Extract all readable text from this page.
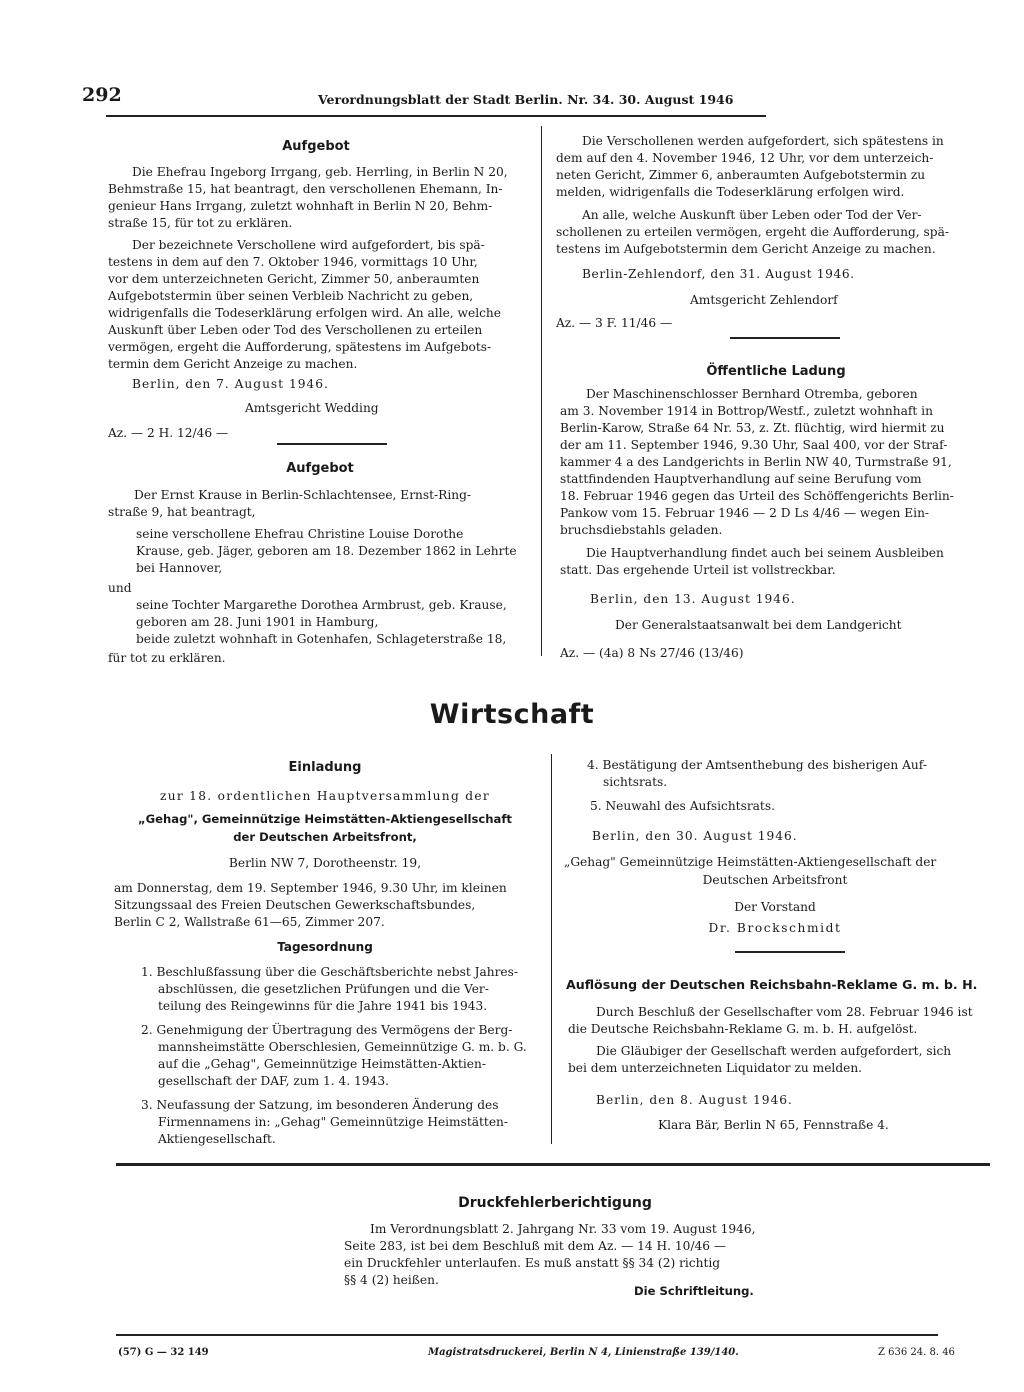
292	Verordnungsblatt der Stadt Berlin. Nr. 34. 30. August 1946
Aufgebot
Die Ehefrau Ingeborg Irrgang, geb. Herrling, in Berlin N 20,
Behmstraße 15, hat beantragt, den verschollenen Ehemann, In-
genieur Hans Irrgang, zuletzt wohnhaft in Berlin N 20, Behm-
straße 15, für tot zu erklären.
Der bezeichnete Verschollene wird aufgefordert, bis spä-
testens in dem auf den 7. Oktober 1946, vormittags 10 Uhr,
vor dem unterzeichneten Gericht, Zimmer 50, anberaumten
Aufgebotstermin über seinen Verbleib Nachricht zu geben,
widrigenfalls die Todeserklärung erfolgen wird. An alle, welche
Auskunft über Leben oder Tod des Verschollenen zu erteilen
vermögen, ergeht die Aufforderung, spätestens im Aufgebots-
termin dem Gericht Anzeige zu machen.
Berlin, den 7. August 1946.
Amtsgericht Wedding
Az. — 2 H. 12/46 —
Aufgebot
Der Ernst Krause in Berlin-Schlachtensee, Ernst-Ring-
straße 9, hat beantragt,
seine verschollene Ehefrau Christine Louise Dorothe
Krause, geb. Jäger, geboren am 18. Dezember 1862 in Lehrte
bei Hannover,
und
seine Tochter Margarethe Dorothea Armbrust, geb. Krause,
geboren am 28. Juni 1901 in Hamburg,
beide zuletzt wohnhaft in Gotenhafen, Schlageterstraße 18,
für tot zu erklären.
Die Verschollenen werden aufgefordert, sich spätestens in
dem auf den 4. November 1946, 12 Uhr, vor dem unterzeich-
neten Gericht, Zimmer 6, anberaumten Aufgebotstermin zu
melden, widrigenfalls die Todeserklärung erfolgen wird.
An alle, welche Auskunft über Leben oder Tod der Ver-
schollenen zu erteilen vermögen, ergeht die Aufforderung, spä-
testens im Aufgebotstermin dem Gericht Anzeige zu machen.
Berlin-Zehlendorf, den 31. August 1946.
Amtsgericht Zehlendorf
Az. — 3 F. 11/46 —
Öffentliche Ladung
Der Maschinenschlosser Bernhard Otremba, geboren
am 3. November 1914 in Bottrop/Westf., zuletzt wohnhaft in
Berlin-Karow, Straße 64 Nr. 53, z. Zt. flüchtig, wird hiermit zu
der am 11. September 1946, 9.30 Uhr, Saal 400, vor der Straf-
kammer 4 a des Landgerichts in Berlin NW 40, Turmstraße 91,
stattfindenden Hauptverhandlung auf seine Berufung vom
18. Februar 1946 gegen das Urteil des Schöffengerichts Berlin-
Pankow vom 15. Februar 1946 — 2 D Ls 4/46 — wegen Ein-
bruchsdiebstahls geladen.
Die Hauptverhandlung findet auch bei seinem Ausbleiben
statt. Das ergehende Urteil ist vollstreckbar.
Berlin, den 13. August 1946.
Der Generalstaatsanwalt bei dem Landgericht
Az. — (4a) 8 Ns 27/46 (13/46)
Wirtschaft
Einladung
zur 18. ordentlichen Hauptversammlung der
„Gehag", Gemeinnützige Heimstätten-Aktiengesellschaft
der Deutschen Arbeitsfront,
Berlin NW 7, Dorotheenstr. 19,
am Donnerstag, dem 19. September 1946, 9.30 Uhr, im kleinen
Sitzungssaal des Freien Deutschen Gewerkschaftsbundes,
Berlin C 2, Wallstraße 61—65, Zimmer 207.
Tagesordnung
1. Beschlußfassung über die Geschäftsberichte nebst Jahres-
abschlüssen, die gesetzlichen Prüfungen und die Ver-
teilung des Reingewinns für die Jahre 1941 bis 1943.
2. Genehmigung der Übertragung des Vermögens der Berg-
mannsheimstätte Oberschlesien, Gemeinnützige G. m. b. G.
auf die „Gehag", Gemeinnützige Heimstätten-Aktien-
gesellschaft der DAF, zum 1. 4. 1943.
3. Neufassung der Satzung, im besonderen Änderung des
Firmennamens in: „Gehag" Gemeinnützige Heimstätten-
Aktiengesellschaft.
4. Bestätigung der Amtsenthebung des bisherigen Auf-
sichtsrats.
5. Neuwahl des Aufsichtsrats.
Berlin, den 30. August 1946.
„Gehag" Gemeinnützige Heimstätten-Aktiengesellschaft der
Deutschen Arbeitsfront
Der Vorstand
Dr. Brockschmidt
Auflösung der Deutschen Reichsbahn-Reklame G. m. b. H.
Durch Beschluß der Gesellschafter vom 28. Februar 1946 ist
die Deutsche Reichsbahn-Reklame G. m. b. H. aufgelöst.
Die Gläubiger der Gesellschaft werden aufgefordert, sich
bei dem unterzeichneten Liquidator zu melden.
Berlin, den 8. August 1946.
Klara Bär, Berlin N 65, Fennstraße 4.
Druckfehlerberichtigung
Im Verordnungsblatt 2. Jahrgang Nr. 33 vom 19. August 1946,
Seite 283, ist bei dem Beschluß mit dem Az. — 14 H. 10/46 —
ein Druckfehler unterlaufen. Es muß anstatt §§ 34 (2) richtig
§§ 4 (2) heißen.
Die Schriftleitung.
(57) G — 32 149	Magistratsdruckerei, Berlin N 4, Linienstraße 139/140.	Z 636 24. 8. 46
